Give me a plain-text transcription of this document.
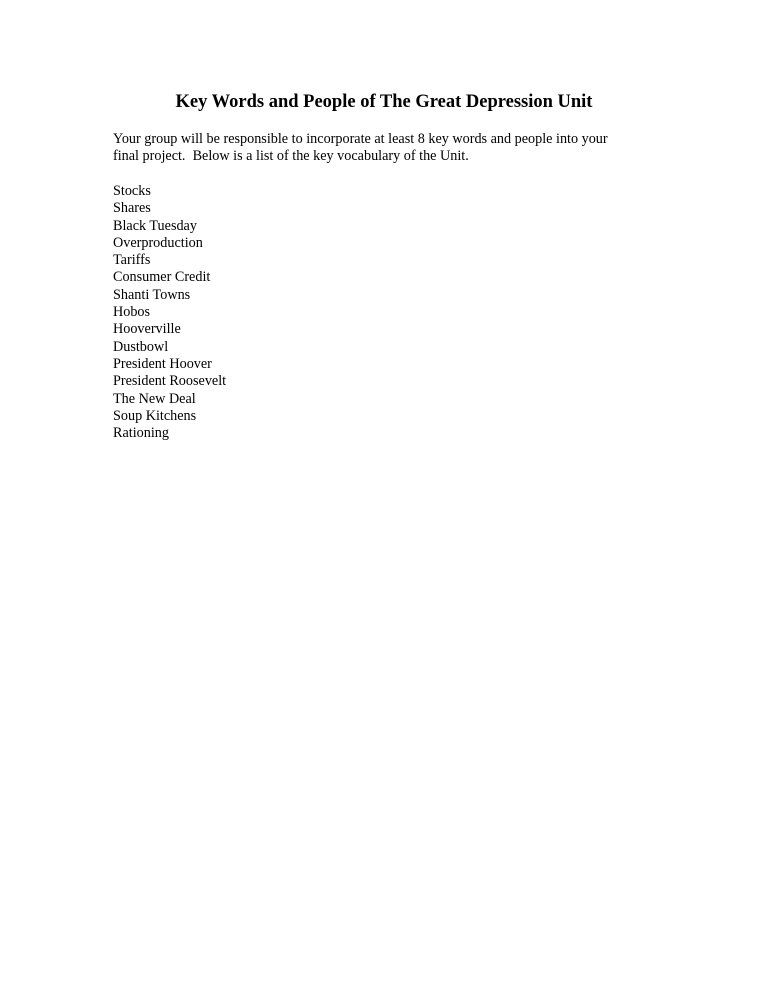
Key Words and People of The Great Depression Unit

Your group will be responsible to incorporate at least 8 key words and people into your
final project.  Below is a list of the key vocabulary of the Unit.

Stocks
Shares
Black Tuesday
Overproduction
Tariffs
Consumer Credit
Shanti Towns
Hobos
Hooverville
Dustbowl
President Hoover
President Roosevelt
The New Deal
Soup Kitchens
Rationing
